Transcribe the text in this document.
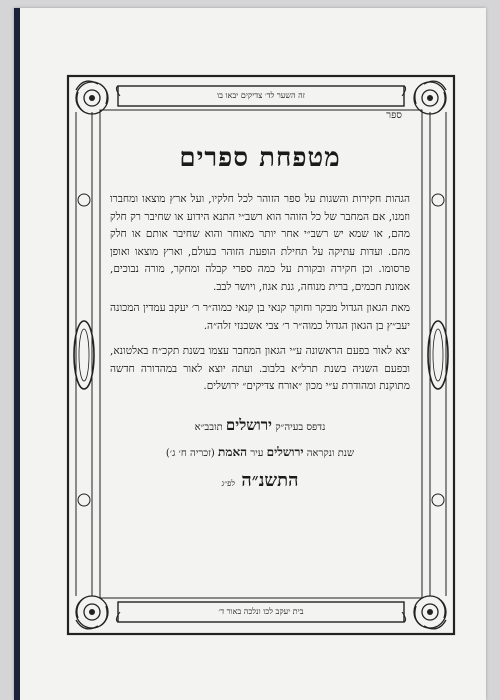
זה השער לד׳ צדיקים יבאו בו
בית יעקב לכו ונלכה באור ד׳
ספר
מטפחת ספרים

הגהות חקירות והשגות על ספר הזוהר לכל חלקיו, ועל ארץ מוצאו ומחברו וזמנו, אם המחבר של כל הזוהר הוא רשב״י התנא הידוע או שחיבר רק חלק מהם, או שמא יש רשב״י אחר יותר מאוחר והוא שחיבר אותם או חלק מהם. ועדות עתיקה על תחילת הופעת הזוהר בעולם, וארץ מוצאו ואופן פרסומו. וכן חקירה ובקורת על כמה ספרי קבלה ומחקר, מורה נבוכים, אמונת חכמים, ברית מנוחה, גנת אגוז, ויושר לבב.

מאת הגאון הגדול מבקר וחוקר קנאי בן קנאי כמוה״ר ר׳ יעקב עמדין המכונה יעב״ץ בן הגאון הגדול כמוה״ר ר׳ צבי אשכנזי זלה״ה.

יצא לאור בפעם הראשונה ע״י הגאון המחבר עצמו בשנת תקכ״ח באלטונא, ובפעם השניה בשנת תרל״א בלבוב. ועתה יוצא לאור במהדורה חדשה מתוקנת ומהודרת ע״י מכון ״אורח צדיקים״ ירושלים.

נדפס בעיה״ק ירושלים תובב״א
שנת ונקראה ירושלים עיר האמת (זכריה ח׳ ג׳)
התשנ״ה לפ״ג
